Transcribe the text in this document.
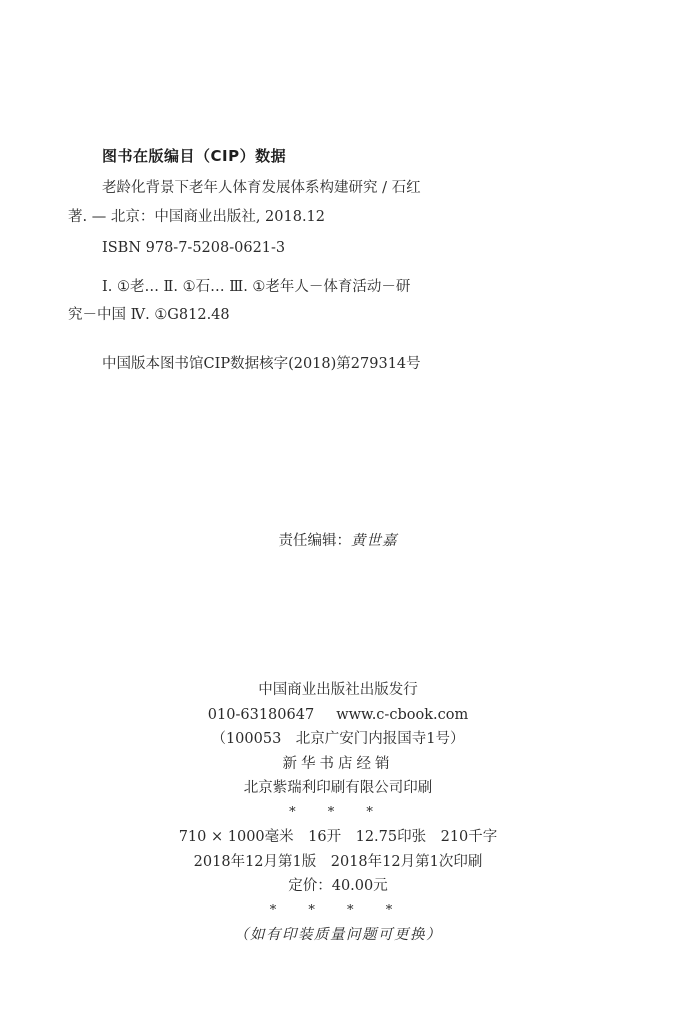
图书在版编目（CIP）数据
老龄化背景下老年人体育发展体系构建研究 / 石红
著. — 北京：中国商业出版社, 2018.12
ISBN 978-7-5208-0621-3
Ⅰ. ①老… Ⅱ. ①石… Ⅲ. ①老年人－体育活动－研
究－中国 Ⅳ. ①G812.48
中国版本图书馆CIP数据核字(2018)第279314号
责任编辑：黄世嘉
中国商业出版社出版发行
010-63180647 www.c-cbook.com
（100053　北京广安门内报国寺1号）
新华书店经销
北京紫瑞利印刷有限公司印刷
* * *
710 × 1000毫米　16开　12.75印张　210千字
2018年12月第1版　2018年12月第1次印刷
定价：40.00元
* * * *
（如有印装质量问题可更换）
